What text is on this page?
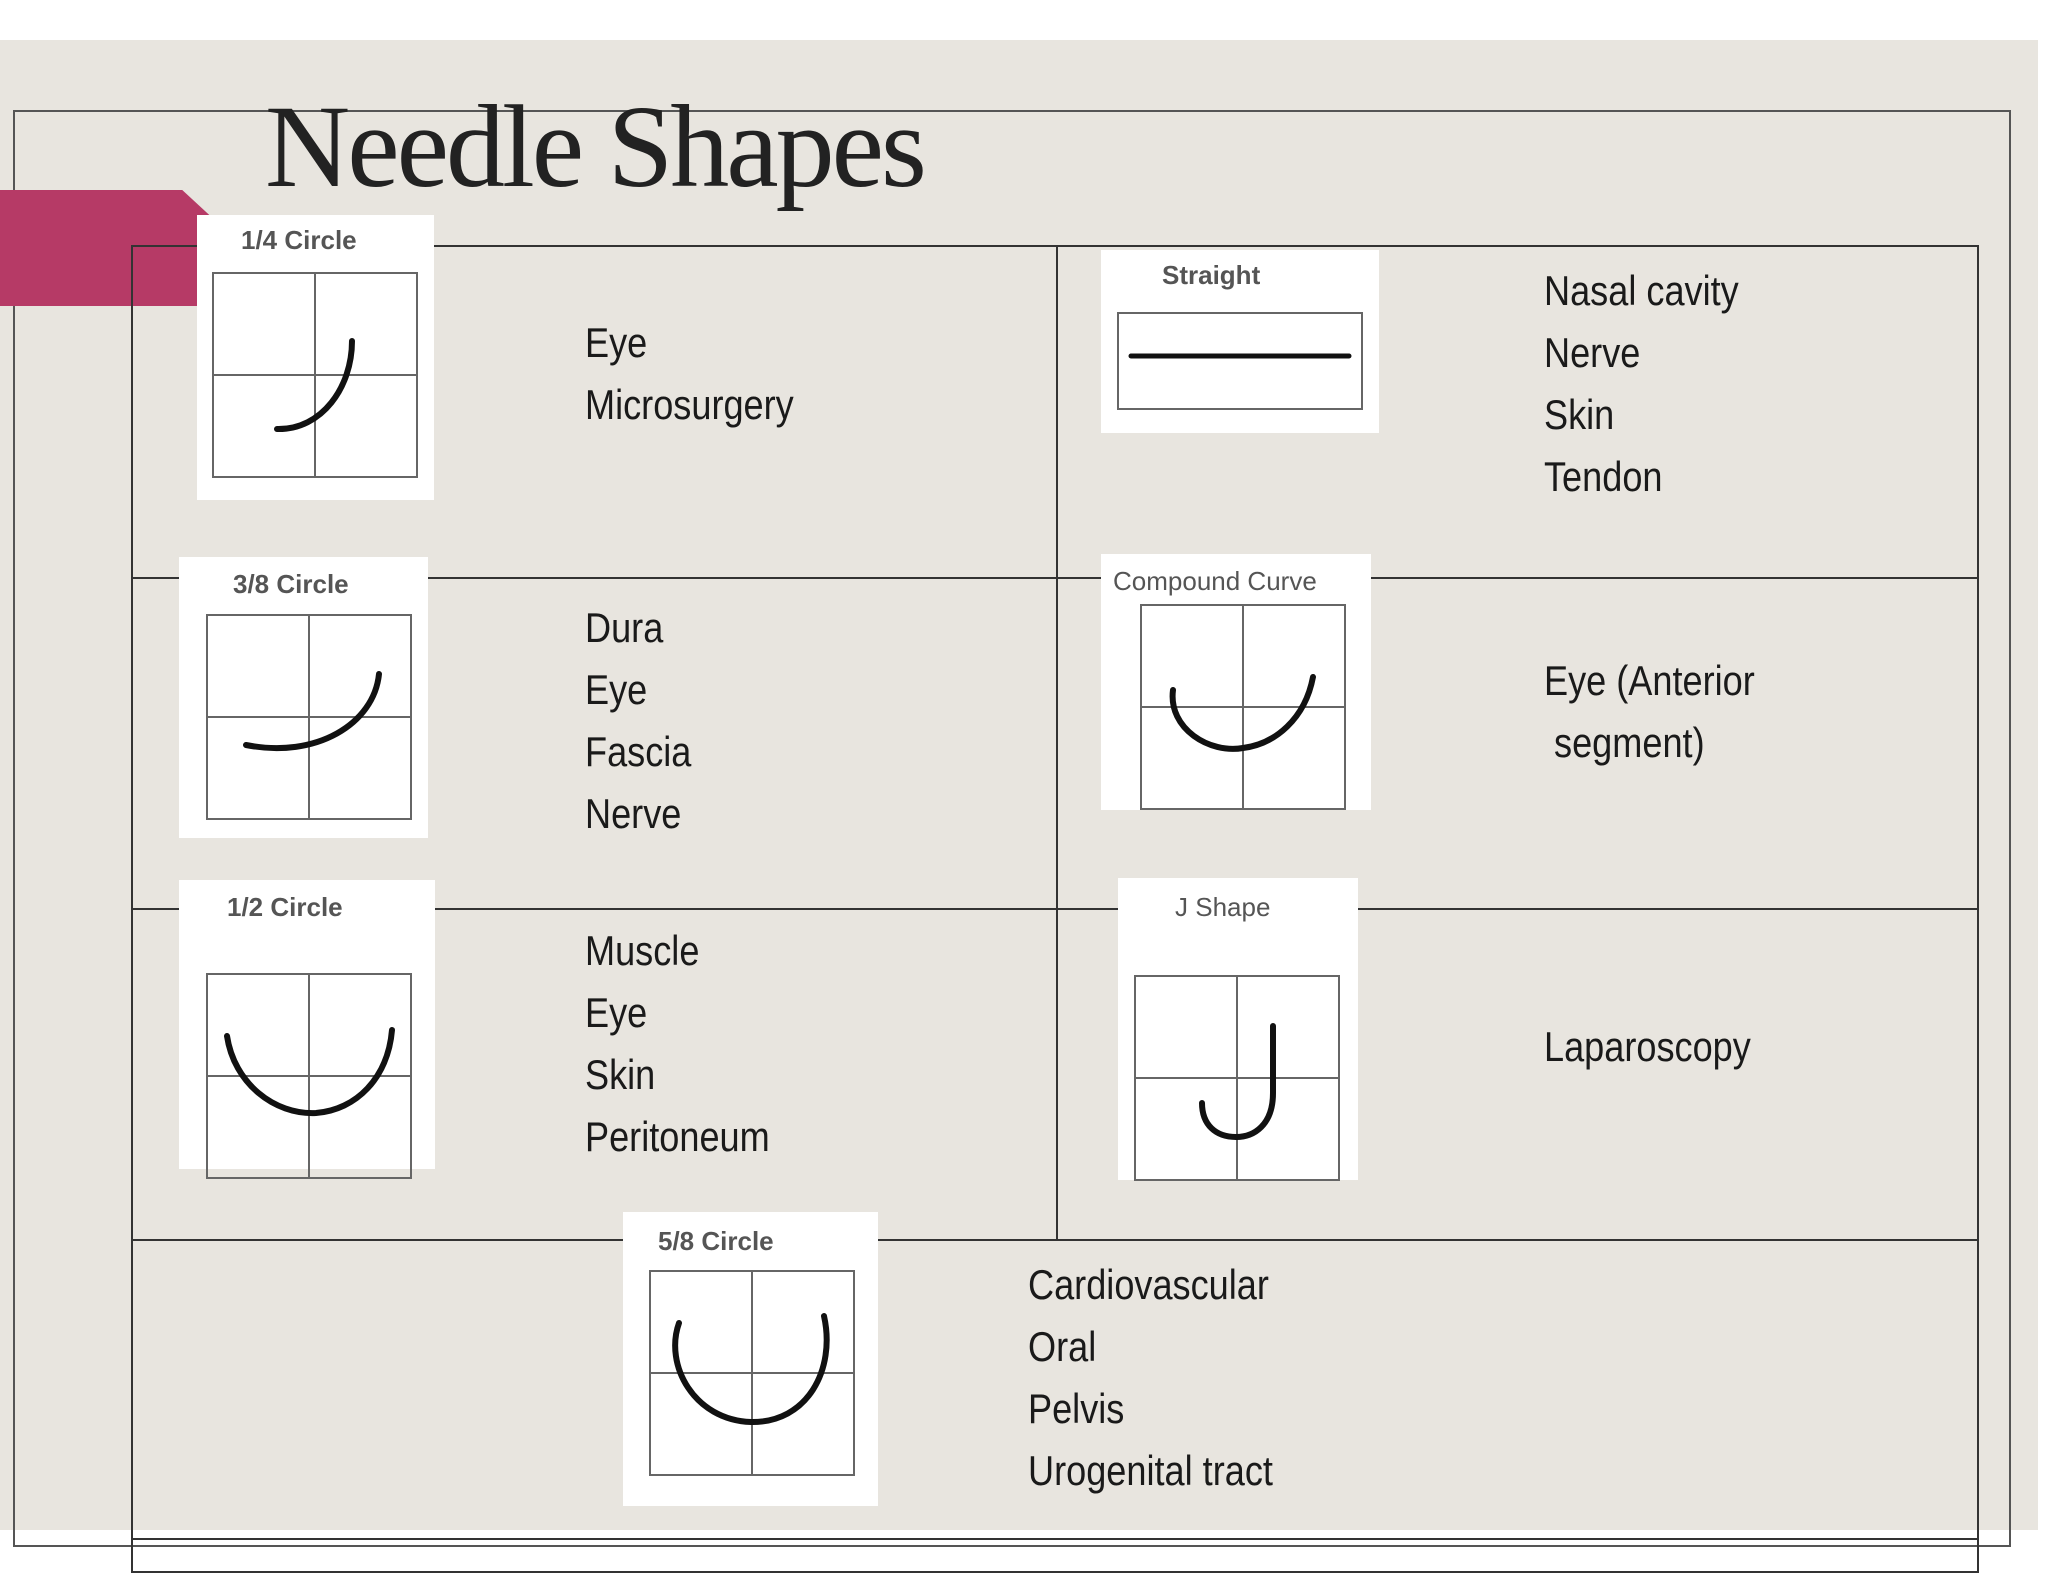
Needle Shapes
1/4 Circle
Eye
Microsurgery
Straight	Nasal cavity
Nerve
Skin
Tendon
3/8 Circle
Dura
Eye
Fascia
Nerve
Compound Curve
Eye (Anterior
segment)
1/2 Circle
Muscle
Eye
Skin
Peritoneum
J Shape
Laparoscopy
5/8 Circle
Cardiovascular
Oral
Pelvis
Urogenital tract
